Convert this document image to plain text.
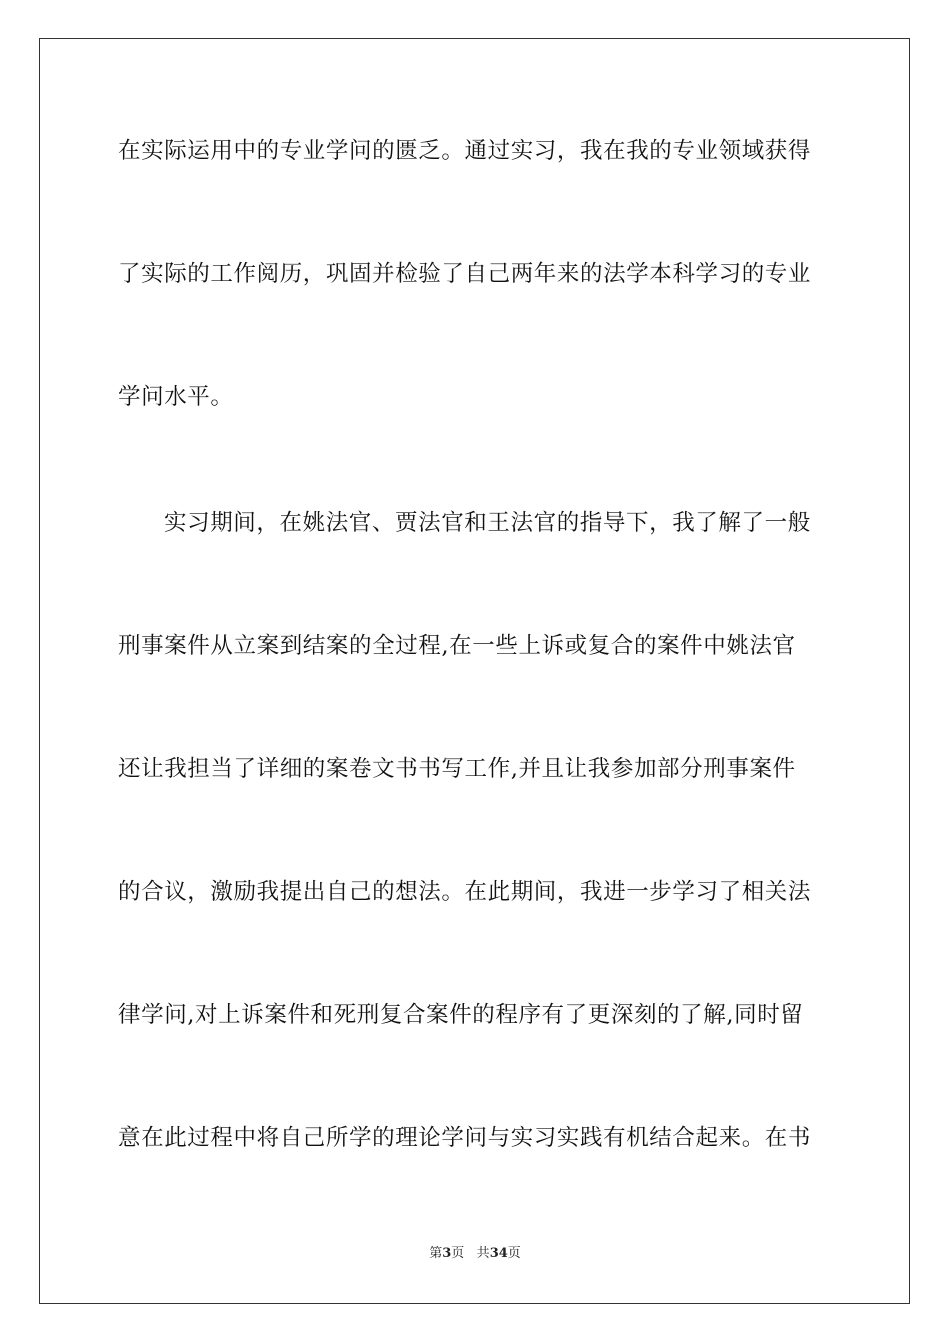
在实际运用中的专业学问的匮乏。通过实习，我在我的专业领域获得
了实际的工作阅历，巩固并检验了自己两年来的法学本科学习的专业
学问水平。
实习期间，在姚法官、贾法官和王法官的指导下，我了解了一般
刑事案件从立案到结案的全过程,在一些上诉或复合的案件中姚法官
还让我担当了详细的案卷文书书写工作,并且让我参加部分刑事案件
的合议，激励我提出自己的想法。在此期间，我进一步学习了相关法
律学问,对上诉案件和死刑复合案件的程序有了更深刻的了解,同时留
意在此过程中将自己所学的理论学问与实习实践有机结合起来。在书
第3页 共34页
